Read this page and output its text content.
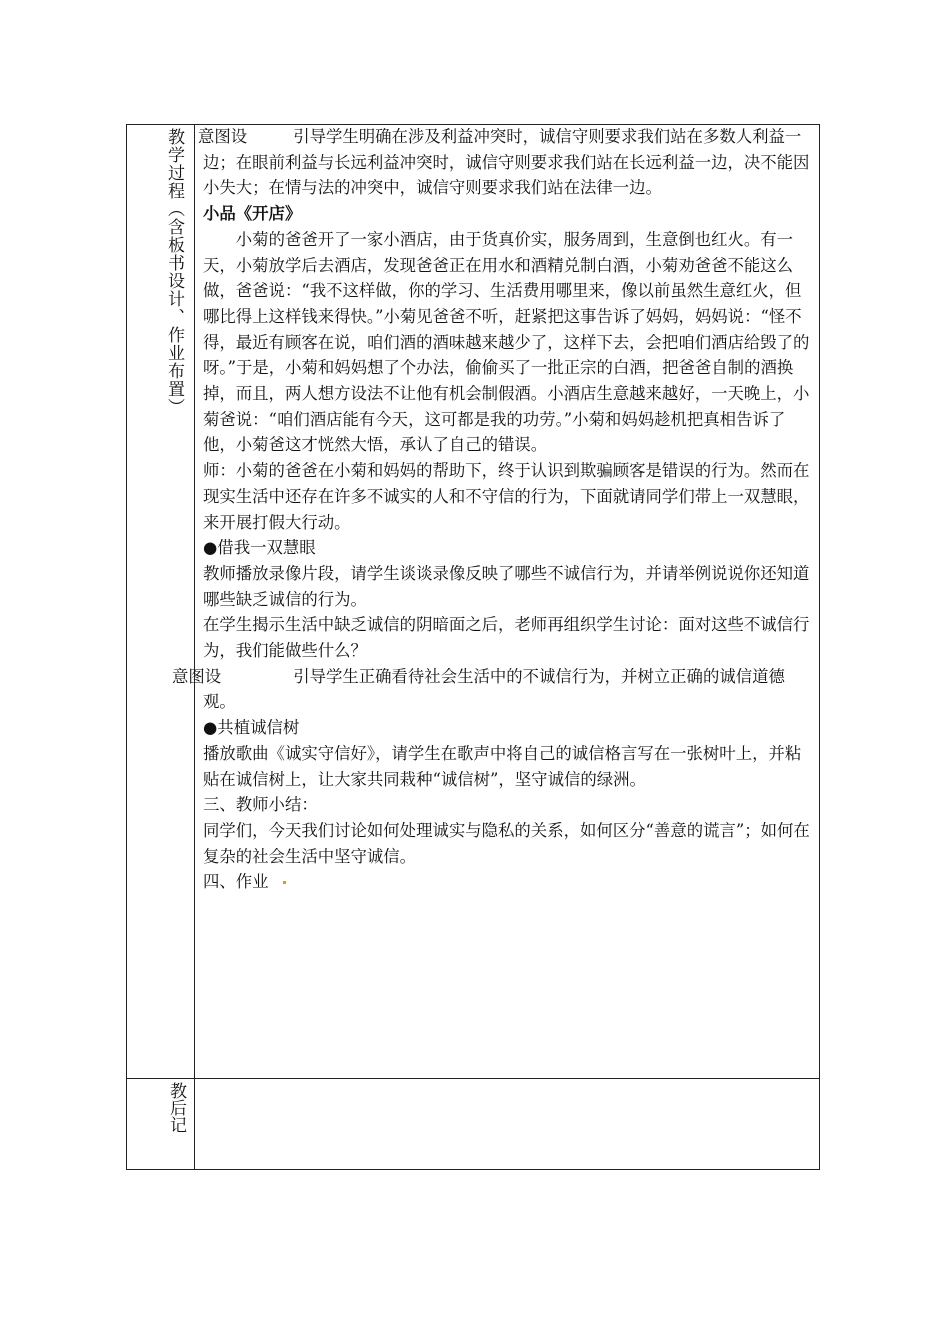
教学过程（含板书设计、作业布置）
教后记
意图设	引导学生明确在涉及利益冲突时，诚信守则要求我们站在多数人利益一边；在眼前利益与长远利益冲突时，诚信守则要求我们站在长远利益一边，决不能因小失大；在情与法的冲突中，诚信守则要求我们站在法律一边。

小品《开店》

小菊的爸爸开了一家小酒店，由于货真价实，服务周到，生意倒也红火。有一天，小菊放学后去酒店，发现爸爸正在用水和酒精兑制白酒，小菊劝爸爸不能这么做，爸爸说：“我不这样做，你的学习、生活费用哪里来，像以前虽然生意红火，但哪比得上这样钱来得快。”小菊见爸爸不听，赶紧把这事告诉了妈妈，妈妈说：“怪不得，最近有顾客在说，咱们酒的酒味越来越少了，这样下去，会把咱们酒店给毁了的呀。”于是，小菊和妈妈想了个办法，偷偷买了一批正宗的白酒，把爸爸自制的酒换掉，而且，两人想方设法不让他有机会制假酒。小酒店生意越来越好，一天晚上，小菊爸说：“咱们酒店能有今天，这可都是我的功劳。”小菊和妈妈趁机把真相告诉了他，小菊爸这才恍然大悟，承认了自己的错误。

师：小菊的爸爸在小菊和妈妈的帮助下，终于认识到欺骗顾客是错误的行为。然而在现实生活中还存在许多不诚实的人和不守信的行为，下面就请同学们带上一双慧眼，来开展打假大行动。

●借我一双慧眼

教师播放录像片段，请学生谈谈录像反映了哪些不诚信行为，并请举例说说你还知道哪些缺乏诚信的行为。

在学生揭示生活中缺乏诚信的阴暗面之后，老师再组织学生讨论：面对这些不诚信行为，我们能做些什么？

意图设	引导学生正确看待社会生活中的不诚信行为，并树立正确的诚信道德观。

●共植诚信树

播放歌曲《诚实守信好》，请学生在歌声中将自己的诚信格言写在一张树叶上，并粘贴在诚信树上，让大家共同栽种“诚信树”，坚守诚信的绿洲。

三、教师小结：

同学们，今天我们讨论如何处理诚实与隐私的关系，如何区分“善意的谎言”；如何在复杂的社会生活中坚守诚信。

四、作业
